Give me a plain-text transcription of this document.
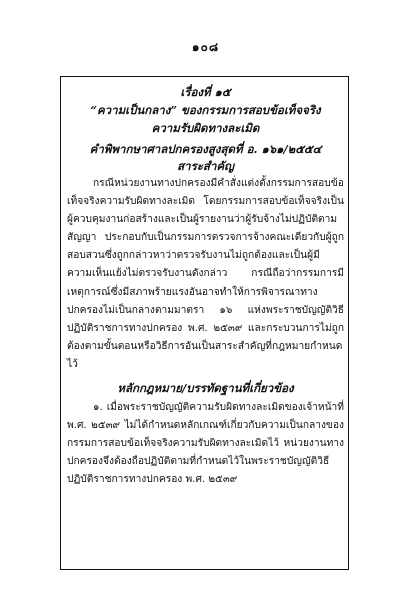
๑๐๘
เรื่องที่ ๑๕
“ความเป็นกลาง” ของกรรมการสอบข้อเท็จจริง
ความรับผิดทางละเมิด
คำพิพากษาศาลปกครองสูงสุดที่ อ. ๑๖๑/๒๕๕๔
สาระสำคัญ
กรณีหน่วยงานทางปกครองมีคำสั่งแต่งตั้งกรรมการสอบข้อเท็จจริงความรับผิดทางละเมิด โดยกรรมการสอบข้อเท็จจริงเป็นผู้ควบคุมงานก่อสร้างและเป็นผู้รายงานว่าผู้รับจ้างไม่ปฏิบัติตามสัญญา ประกอบกับเป็นกรรมการตรวจการจ้างคณะเดียวกับผู้ถูกสอบสวนซึ่งถูกกล่าวหาว่าตรวจรับงานไม่ถูกต้องและเป็นผู้มีความเห็นแย้งไม่ตรวจรับงานดังกล่าว กรณีถือว่ากรรมการมีเหตุการณ์ซึ่งมีสภาพร้ายแรงอันอาจทำให้การพิจารณาทางปกครองไม่เป็นกลางตามมาตรา ๑๖ แห่งพระราชบัญญัติวิธีปฏิบัติราชการทางปกครอง พ.ศ. ๒๕๓๙ และกระบวนการไม่ถูกต้องตามขั้นตอนหรือวิธีการอันเป็นสาระสำคัญที่กฎหมายกำหนดไว้
หลักกฎหมาย/บรรทัดฐานที่เกี่ยวข้อง
๑. เมื่อพระราชบัญญัติความรับผิดทางละเมิดของเจ้าหน้าที่ พ.ศ. ๒๕๓๙ ไม่ได้กำหนดหลักเกณฑ์เกี่ยวกับความเป็นกลางของกรรมการสอบข้อเท็จจริงความรับผิดทางละเมิดไว้ หน่วยงานทางปกครองจึงต้องถือปฏิบัติตามที่กำหนดไว้ในพระราชบัญญัติวิธีปฏิบัติราชการทางปกครอง พ.ศ. ๒๕๓๙
